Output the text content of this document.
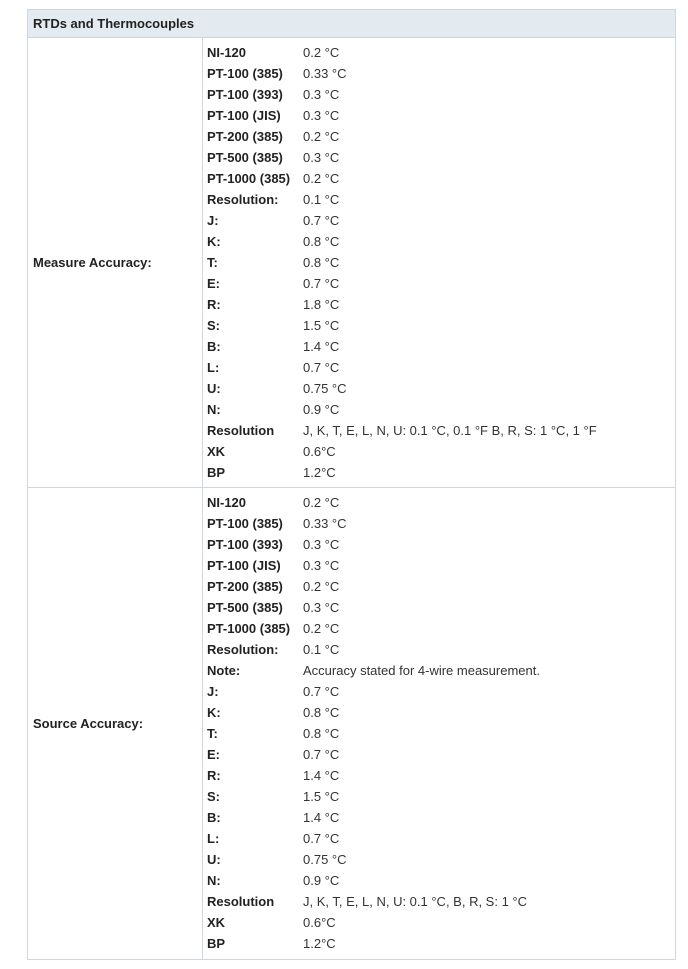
RTDs and Thermocouples
Measure Accuracy:
NI-120	0.2 °C
PT-100 (385)	0.33 °C
PT-100 (393)	0.3 °C
PT-100 (JIS)	0.3 °C
PT-200 (385)	0.2 °C
PT-500 (385)	0.3 °C
PT-1000 (385) 0.2 °C
Resolution:	0.1 °C
J:	0.7 °C
K:	0.8 °C
T:	0.8 °C
E:	0.7 °C
R:	1.8 °C
S:	1.5 °C
B:	1.4 °C
L:	0.7 °C
U:	0.75 °C
N:	0.9 °C
Resolution	J, K, T, E, L, N, U: 0.1 °C, 0.1 °F B, R, S: 1 °C, 1 °F
XK	0.6°C
BP	1.2°C
Source Accuracy:
NI-120	0.2 °C
PT-100 (385)	0.33 °C
PT-100 (393)	0.3 °C
PT-100 (JIS)	0.3 °C
PT-200 (385)	0.2 °C
PT-500 (385)	0.3 °C
PT-1000 (385) 0.2 °C
Resolution:	0.1 °C
Note:	Accuracy stated for 4-wire measurement.
J:	0.7 °C
K:	0.8 °C
T:	0.8 °C
E:	0.7 °C
R:	1.4 °C
S:	1.5 °C
B:	1.4 °C
L:	0.7 °C
U:	0.75 °C
N:	0.9 °C
Resolution	J, K, T, E, L, N, U: 0.1 °C, B, R, S: 1 °C
XK	0.6°C
BP	1.2°C
